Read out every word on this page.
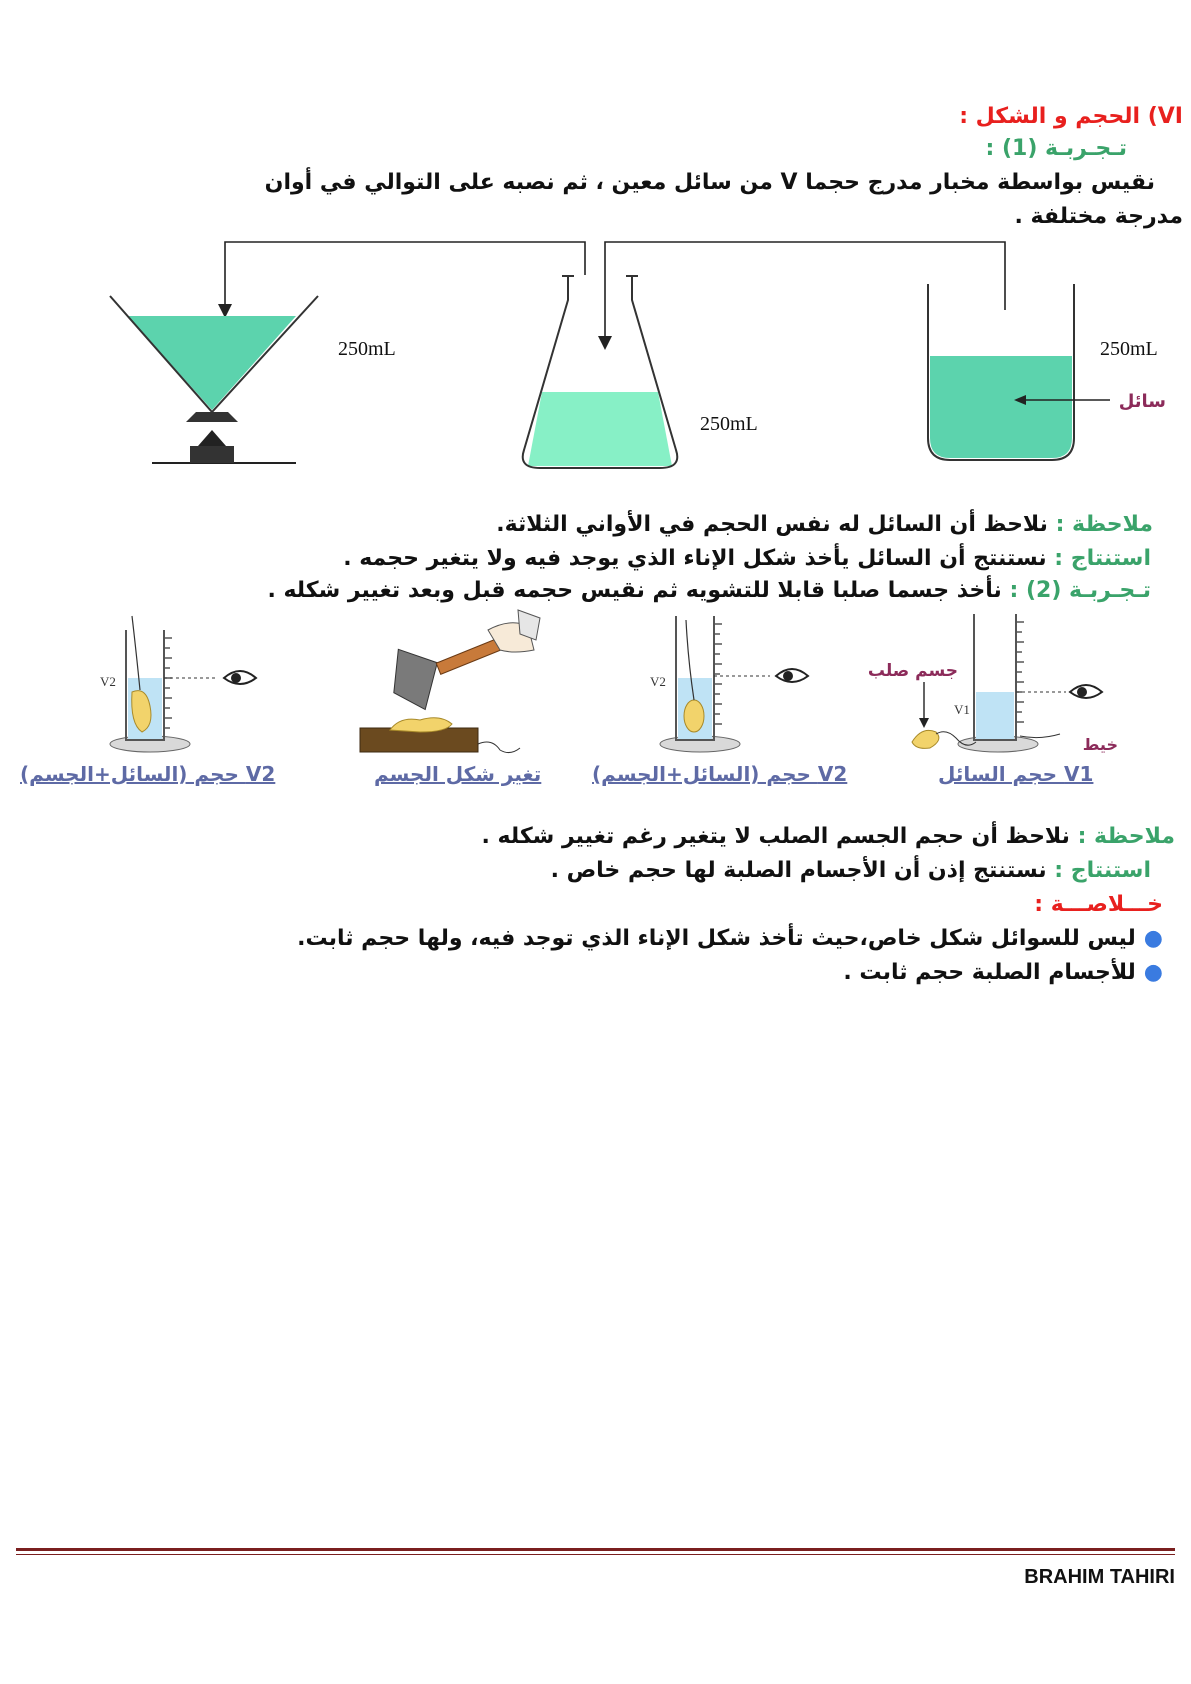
VI) الحجم و الشكل :
تـجـربـة (1) :
نقيس بواسطة مخبار مدرج حجما V من سائل معين ، ثم نصبه على التوالي في أوان
مدرجة مختلفة .
250mL
250mL
250mL
سائل
ملاحظة : نلاحظ أن السائل له نفس الحجم في الأواني الثلاثة.
استنتاج : نستنتج أن السائل يأخذ شكل الإناء الذي يوجد فيه ولا يتغير حجمه .
تـجـربـة (2) : نأخذ جسما صلبا قابلا للتشويه ثم نقيس حجمه قبل وبعد تغيير شكله .
V2	V2
V1
جسم صلب
خيط
V1 حجم السائل
V2 حجم (السائل+الجسم)
تغير شكل الجسم
V2 حجم (السائل+الجسم)
ملاحظة : نلاحظ أن حجم الجسم الصلب لا يتغير رغم تغيير شكله .
استنتاج : نستنتج إذن أن الأجسام الصلبة لها حجم خاص .
خـــلاصـــة :
●ليس للسوائل شكل خاص،حيث تأخذ شكل الإناء الذي توجد فيه، ولها حجم ثابت.
●للأجسام الصلبة حجم ثابت .
BRAHIM TAHIRI
